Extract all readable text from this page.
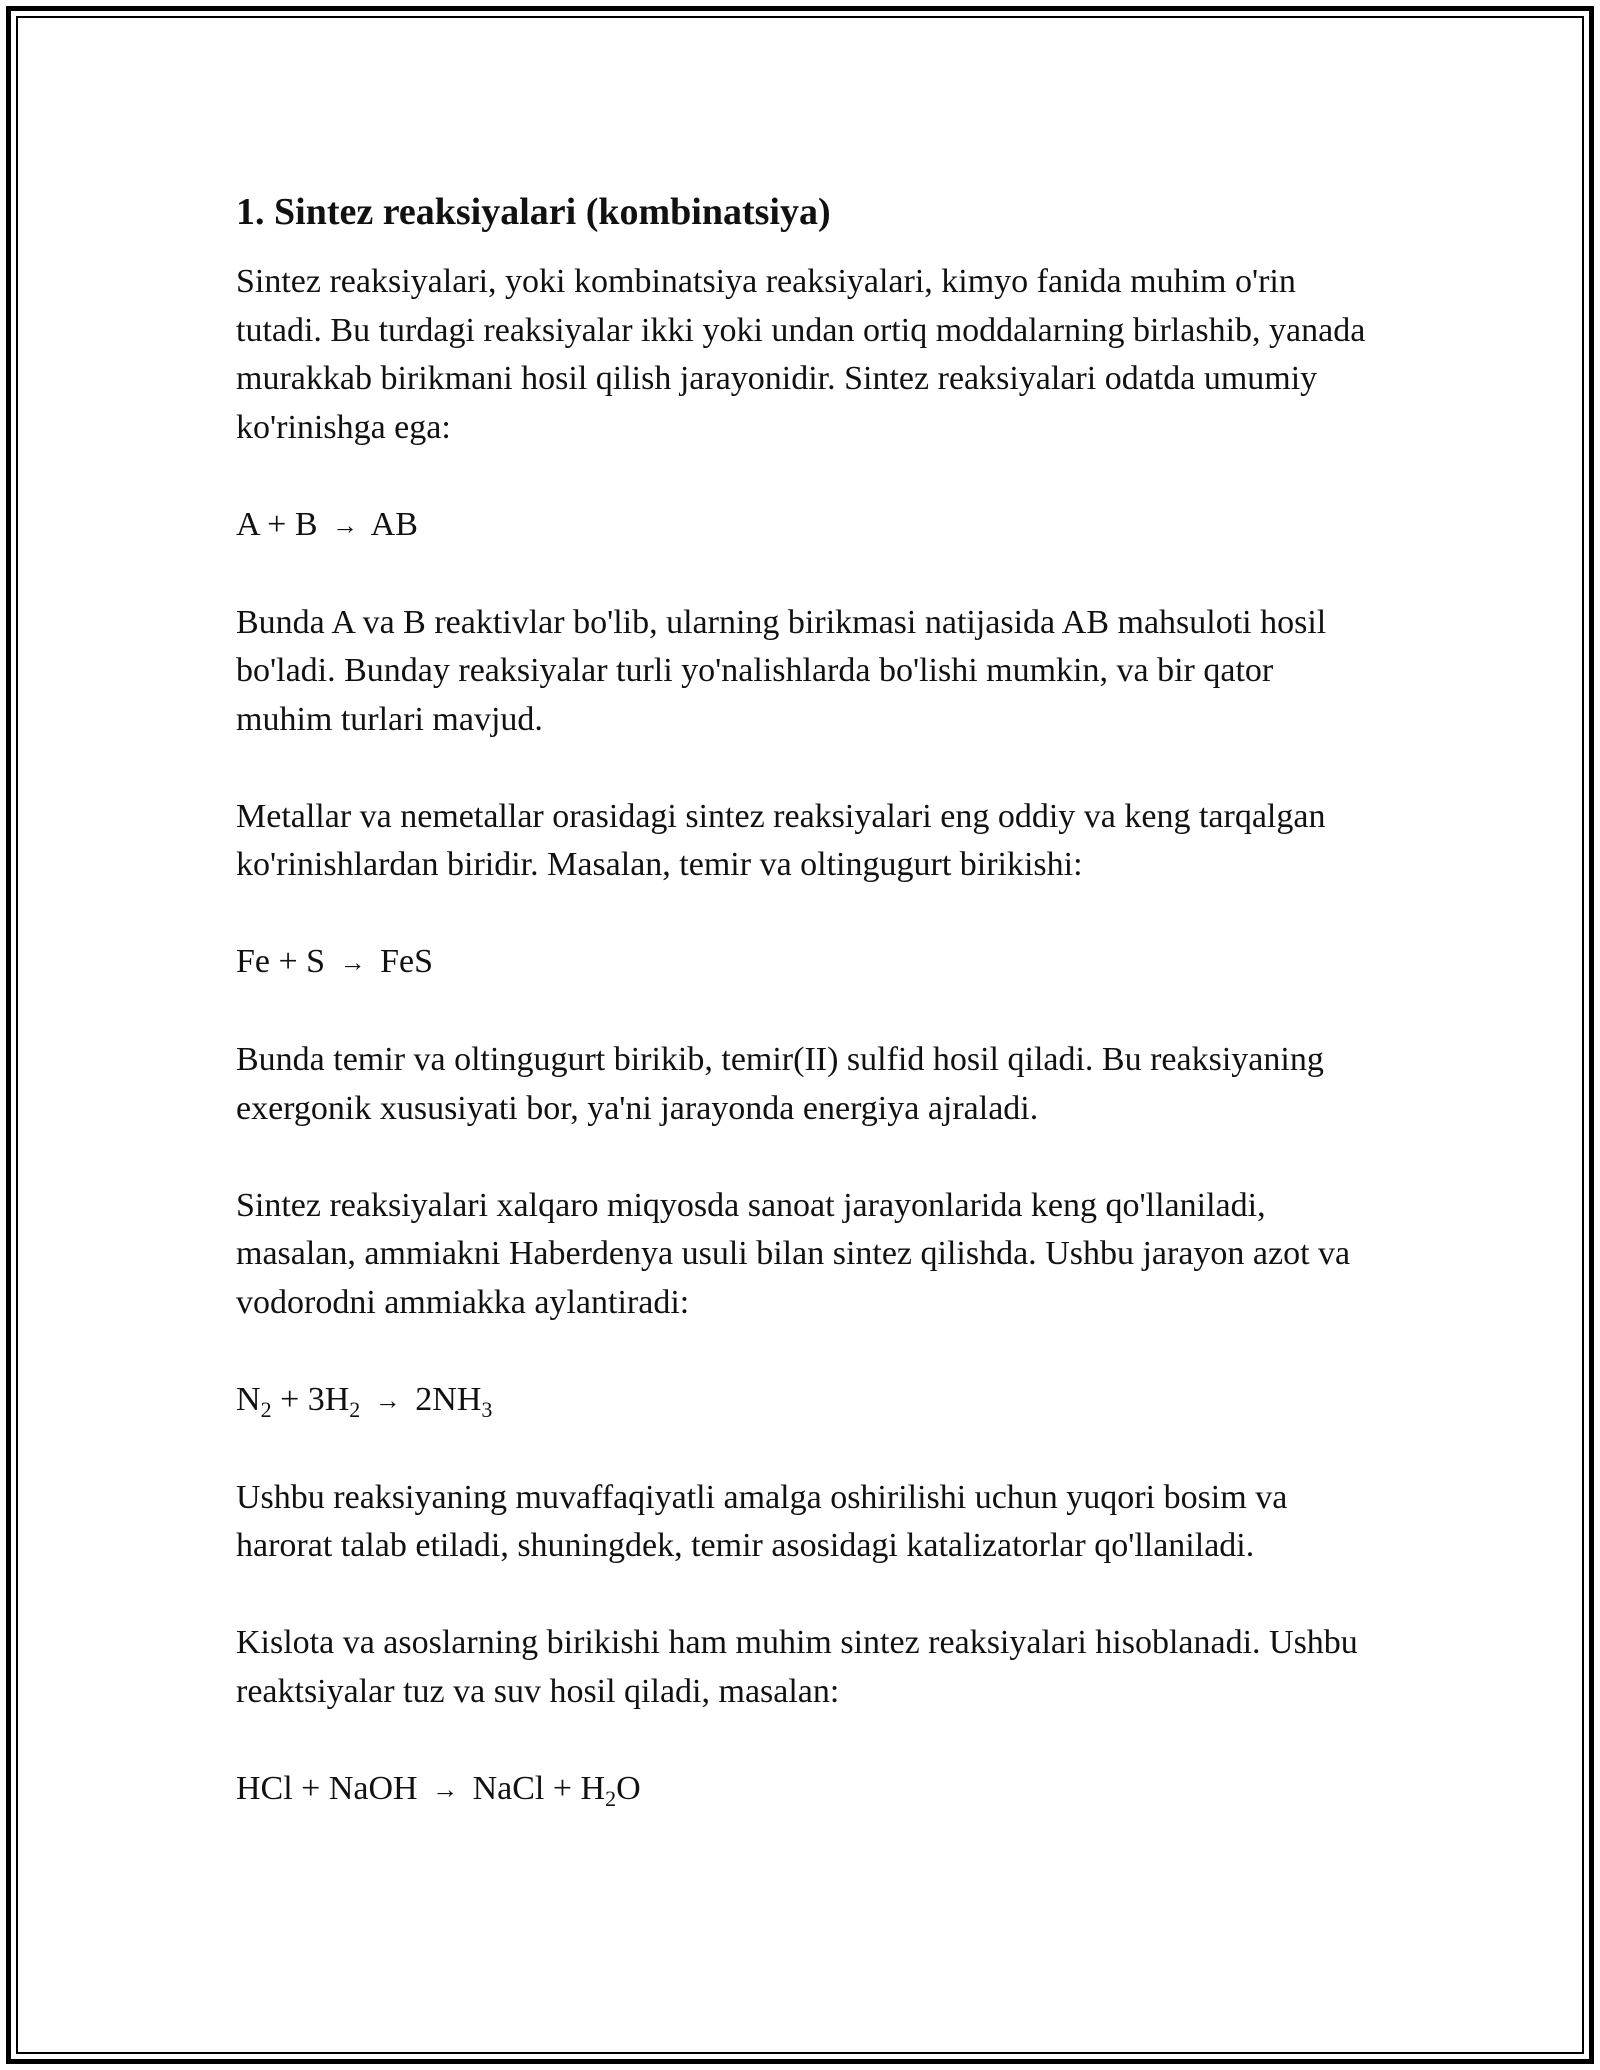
1. Sintez reaksiyalari (kombinatsiya)

Sintez reaksiyalari, yoki kombinatsiya reaksiyalari, kimyo fanida muhim o'rin tutadi. Bu turdagi reaksiyalar ikki yoki undan ortiq moddalarning birlashib, yanada murakkab birikmani hosil qilish jarayonidir. Sintez reaksiyalari odatda umumiy ko'rinishga ega:

A + B → AB

Bunda A va B reaktivlar bo'lib, ularning birikmasi natijasida AB mahsuloti hosil bo'ladi. Bunday reaksiyalar turli yo'nalishlarda bo'lishi mumkin, va bir qator muhim turlari mavjud.

Metallar va nemetallar orasidagi sintez reaksiyalari eng oddiy va keng tarqalgan ko'rinishlardan biridir. Masalan, temir va oltingugurt birikishi:

Fe + S → FeS

Bunda temir va oltingugurt birikib, temir(II) sulfid hosil qiladi. Bu reaksiyaning exergonik xususiyati bor, ya'ni jarayonda energiya ajraladi.

Sintez reaksiyalari xalqaro miqyosda sanoat jarayonlarida keng qo'llaniladi, masalan, ammiakni Haberdenya usuli bilan sintez qilishda. Ushbu jarayon azot va vodorodni ammiakka aylantiradi:

$N_2 + 3H_2 \to 2NH_3$

Ushbu reaksiyaning muvaffaqiyatli amalga oshirilishi uchun yuqori bosim va harorat talab etiladi, shuningdek, temir asosidagi katalizatorlar qo'llaniladi.

Kislota va asoslarning birikishi ham muhim sintez reaksiyalari hisoblanadi. Ushbu reaktsiyalar tuz va suv hosil qiladi, masalan:

HCl + NaOH → NaCl + $H_2O$
